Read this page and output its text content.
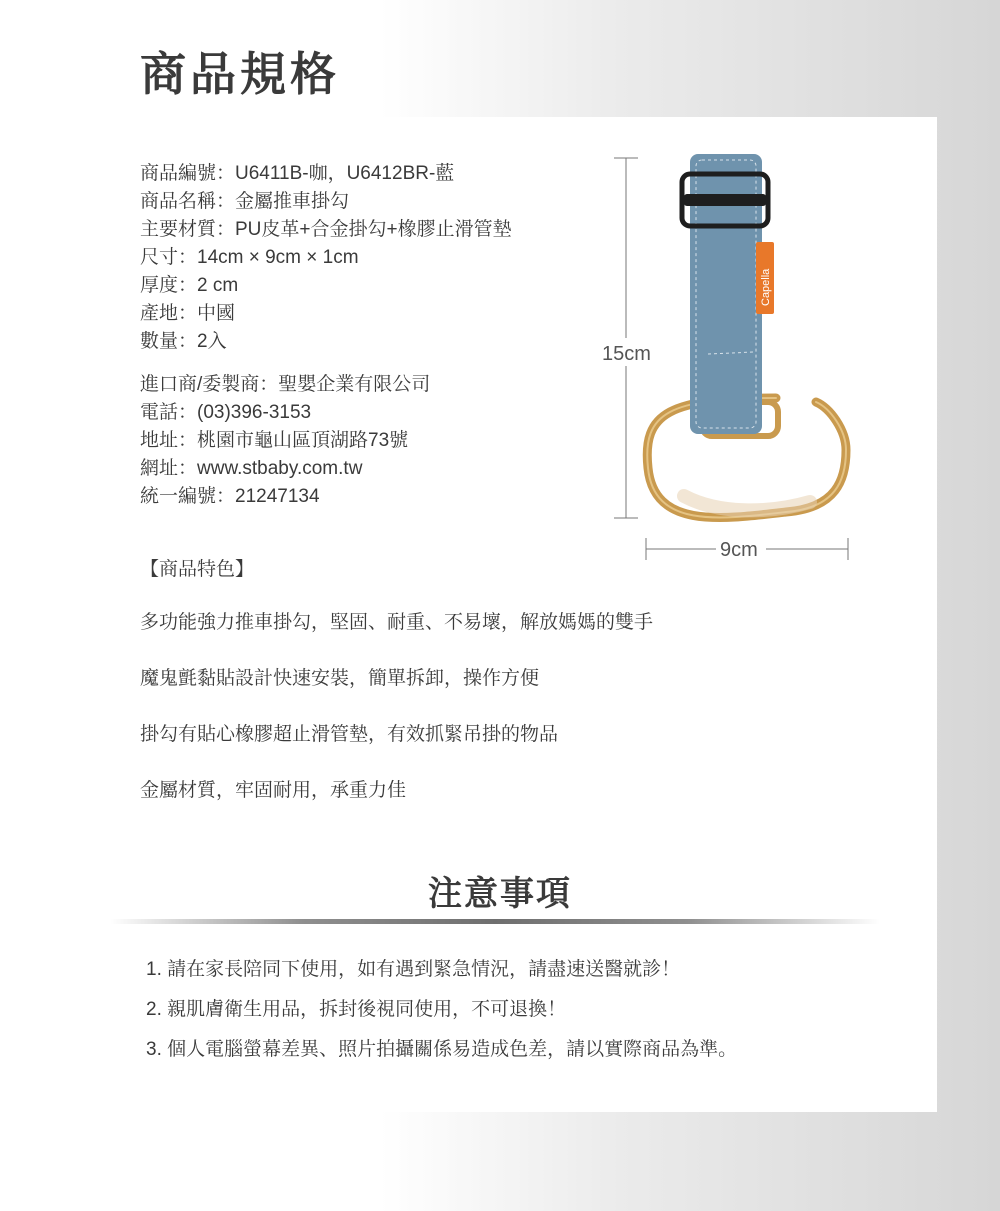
商品規格
商品編號：U6411B-咖，U6412BR-藍
商品名稱：金屬推車掛勾
主要材質：PU皮革+合金掛勾+橡膠止滑管墊
尺寸：14cm × 9cm × 1cm
厚度：2 cm
產地：中國
數量：2入
進口商/委製商：聖嬰企業有限公司
電話：(03)396-3153
地址：桃園市龜山區頂湖路73號
網址：www.stbaby.com.tw
統一編號：21247134
【商品特色】
多功能強力推車掛勾，堅固、耐重、不易壞，解放媽媽的雙手
魔鬼氈黏貼設計快速安裝，簡單拆卸，操作方便
掛勾有貼心橡膠超止滑管墊，有效抓緊吊掛的物品
金屬材質，牢固耐用，承重力佳
15cm
9cm
Capella
注意事項
1. 請在家長陪同下使用，如有遇到緊急情況，請盡速送醫就診！
2. 親肌膚衛生用品，拆封後視同使用，不可退換！
3. 個人電腦螢幕差異、照片拍攝關係易造成色差，請以實際商品為準。
